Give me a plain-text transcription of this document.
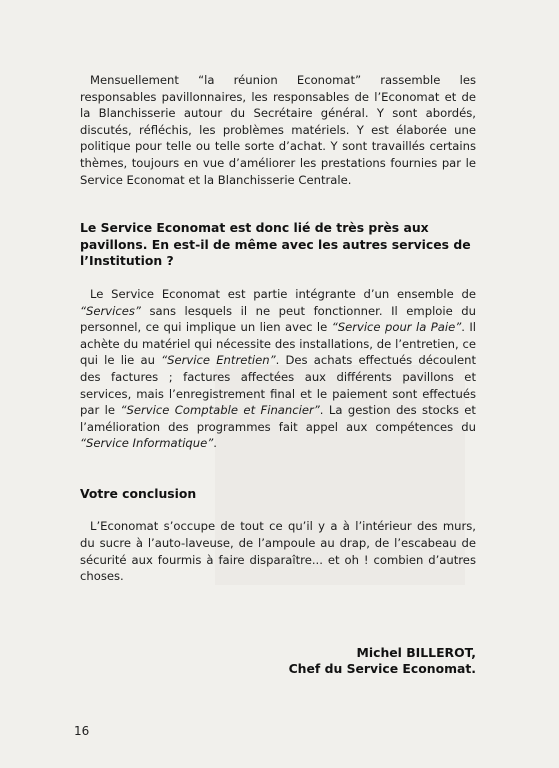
Mensuellement “la réunion Economat” rassemble les responsables pavillonnaires, les responsables de l’Economat et de la Blanchisserie autour du Secrétaire général. Y sont abordés, discutés, réfléchis, les problèmes matériels. Y est élaborée une politique pour telle ou telle sorte d’achat. Y sont travaillés certains thèmes, toujours en vue d’améliorer les prestations fournies par le Service Economat et la Blanchisserie Centrale.

Le Service Economat est donc lié de très près aux pavillons. En est-il de même avec les autres services de l’Institution ?

Le Service Economat est partie intégrante d’un ensemble de “Services” sans lesquels il ne peut fonctionner. Il emploie du personnel, ce qui implique un lien avec le “Service pour la Paie”. Il achète du matériel qui nécessite des installations, de l’entretien, ce qui le lie au “Service Entretien”. Des achats effectués découlent des factures ; factures affectées aux différents pavillons et services, mais l’enregistrement final et le paiement sont effectués par le “Service Comptable et Financier”. La gestion des stocks et l’amélioration des programmes fait appel aux compétences du “Service Informatique”.

Votre conclusion

L’Economat s’occupe de tout ce qu’il y a à l’intérieur des murs, du sucre à l’auto-laveuse, de l’ampoule au drap, de l’escabeau de sécurité aux fourmis à faire disparaître... et oh ! combien d’autres choses.

Michel BILLEROT,
Chef du Service Economat.
16
